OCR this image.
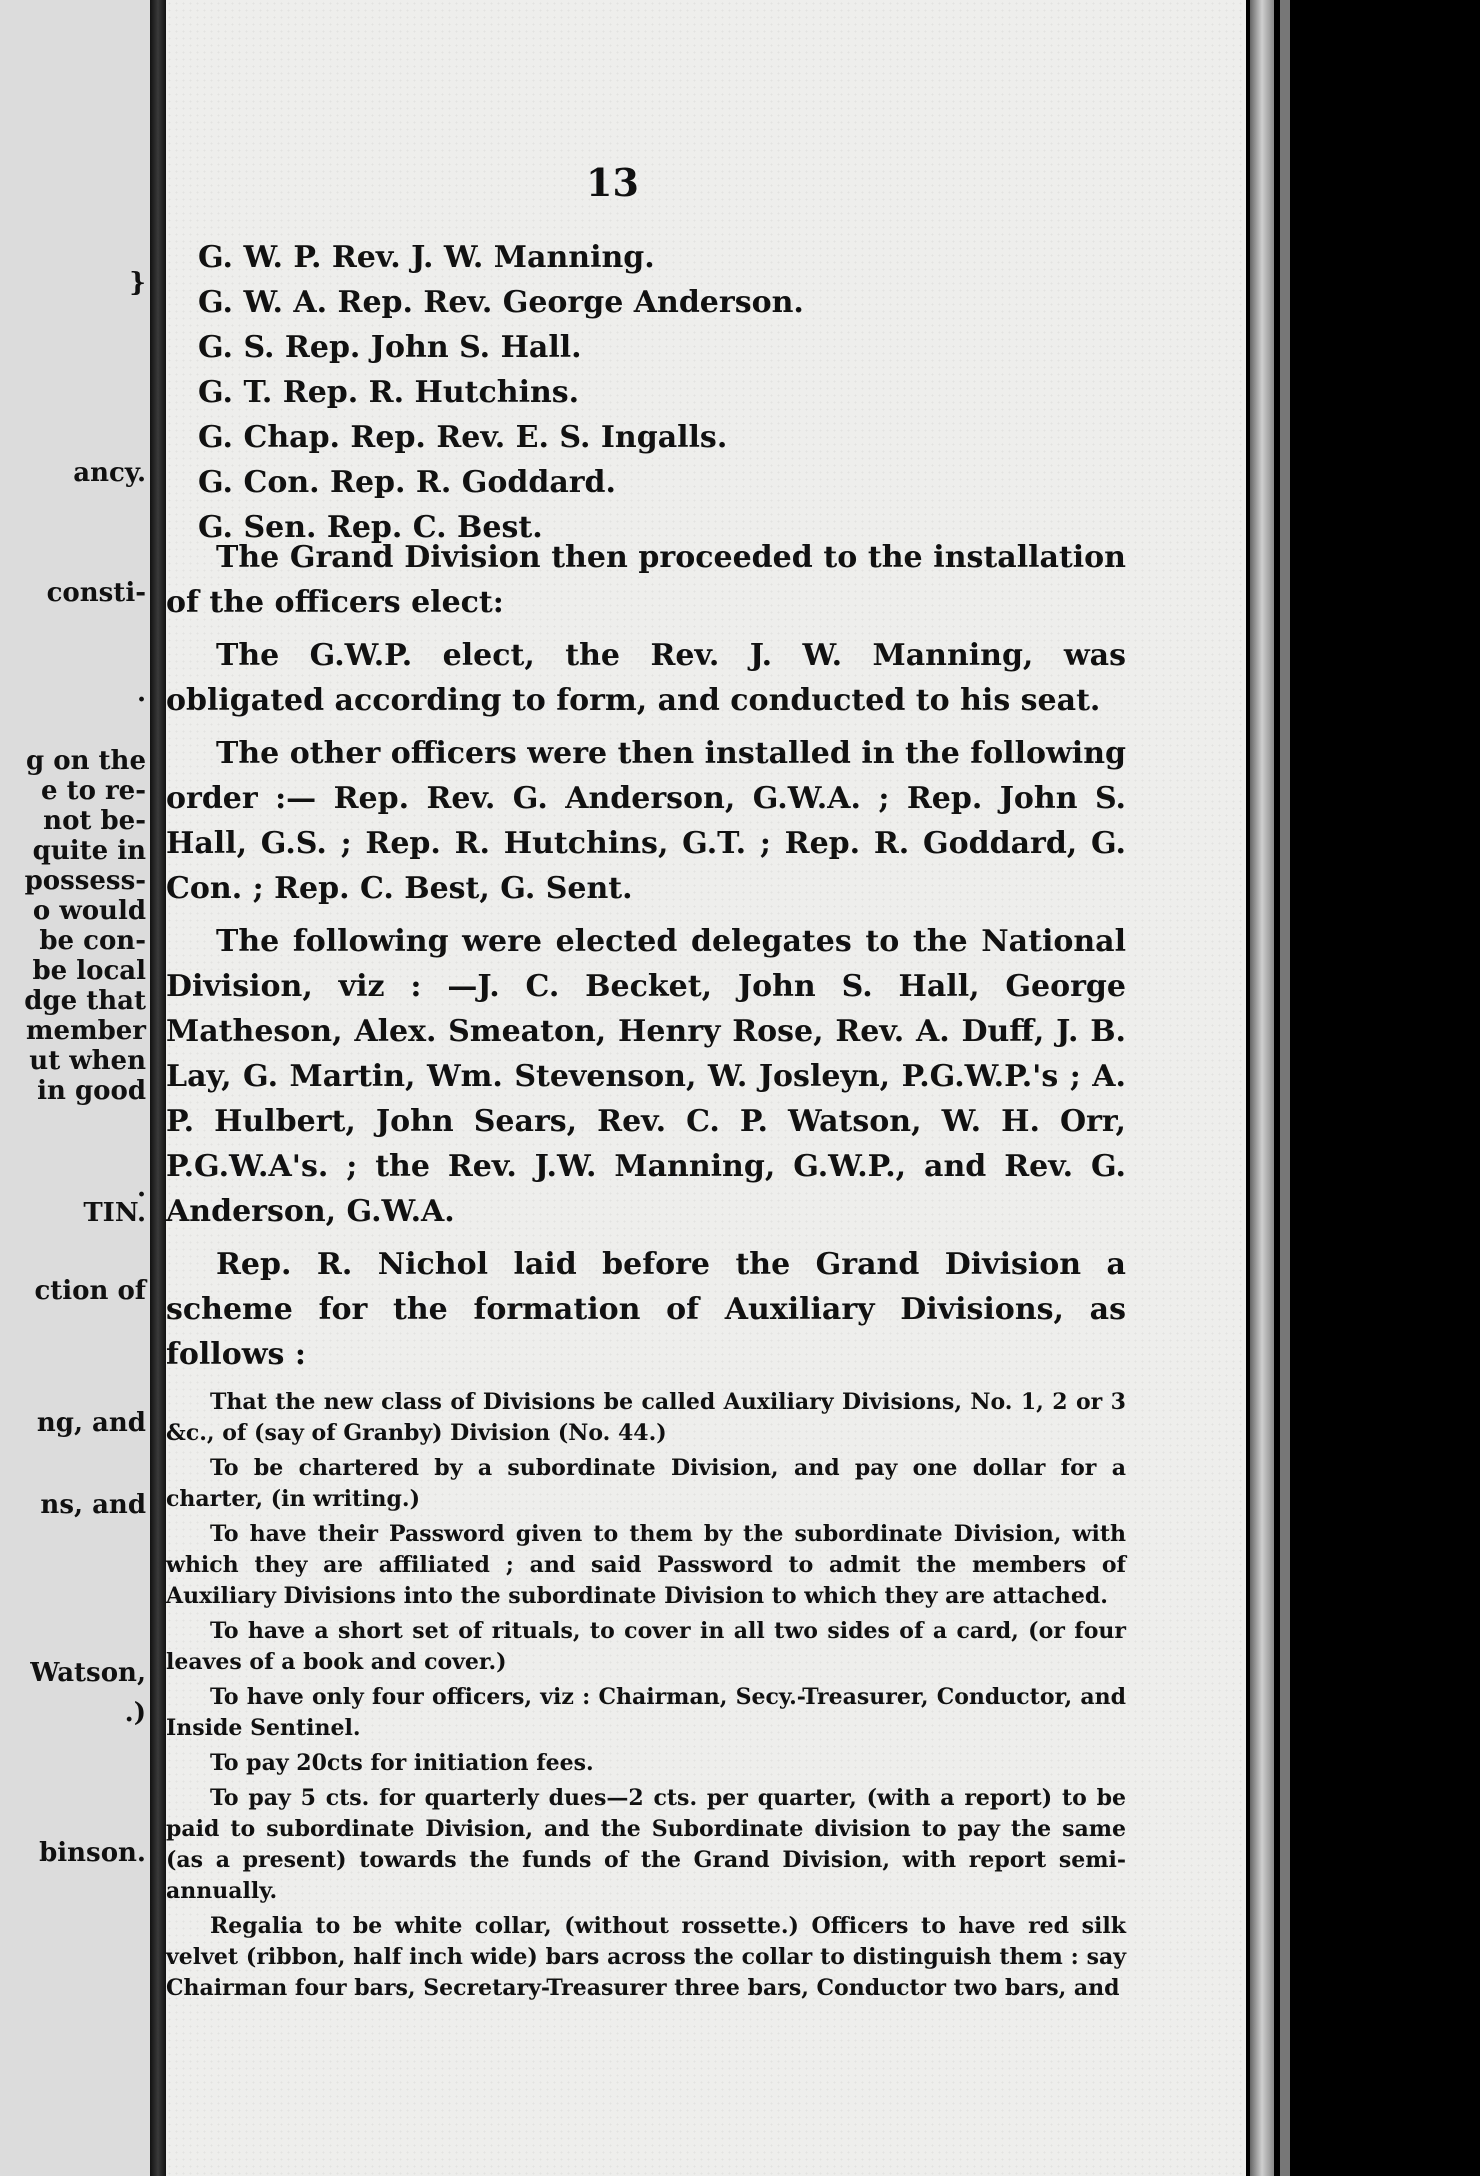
}
ancy.
consti-
.
g on the
e to re-
not be-
quite in
possess-
o would
be con-
be local
dge that
member
ut when
in good
.
TIN.
ction of
ng, and
ns, and
Watson,
.)
binson.
13
G. W. P. Rev. J. W. Manning.
G. W. A. Rep. Rev. George Anderson.
G. S. Rep. John S. Hall.
G. T. Rep. R. Hutchins.
G. Chap. Rep. Rev. E. S. Ingalls.
G. Con. Rep. R. Goddard.
G. Sen. Rep. C. Best.

The Grand Division then proceeded to the installation of the officers elect:

The G.W.P. elect, the Rev. J. W. Manning, was obligated according to form, and conducted to his seat.

The other officers were then installed in the following order :— Rep. Rev. G. Anderson, G.W.A. ; Rep. John S. Hall, G.S. ; Rep. R. Hutchins, G.T. ; Rep. R. Goddard, G. Con. ; Rep. C. Best, G. Sent.

The following were elected delegates to the National Division, viz : —J. C. Becket, John S. Hall, George Matheson, Alex. Smeaton, Henry Rose, Rev. A. Duff, J. B. Lay, G. Martin, Wm. Stevenson, W. Josleyn, P.G.W.P.'s ; A. P. Hulbert, John Sears, Rev. C. P. Watson, W. H. Orr, P.G.W.A's. ; the Rev. J.W. Manning, G.W.P., and Rev. G. Anderson, G.W.A.

Rep. R. Nichol laid before the Grand Division a scheme for the formation of Auxiliary Divisions, as follows :

That the new class of Divisions be called Auxiliary Divisions, No. 1, 2 or 3 &c., of (say of Granby) Division (No. 44.)

To be chartered by a subordinate Division, and pay one dollar for a charter, (in writing.)

To have their Password given to them by the subordinate Division, with which they are affiliated ; and said Password to admit the members of Auxiliary Divisions into the subordinate Division to which they are attached.

To have a short set of rituals, to cover in all two sides of a card, (or four leaves of a book and cover.)

To have only four officers, viz : Chairman, Secy.-Treasurer, Conductor, and Inside Sentinel.

To pay 20cts for initiation fees.

To pay 5 cts. for quarterly dues—2 cts. per quarter, (with a report) to be paid to subordinate Division, and the Subordinate division to pay the same (as a present) towards the funds of the Grand Division, with report semi-annually.

Regalia to be white collar, (without rossette.) Officers to have red silk velvet (ribbon, half inch wide) bars across the collar to distinguish them : say Chairman four bars, Secretary-Treasurer three bars, Conductor two bars, and
